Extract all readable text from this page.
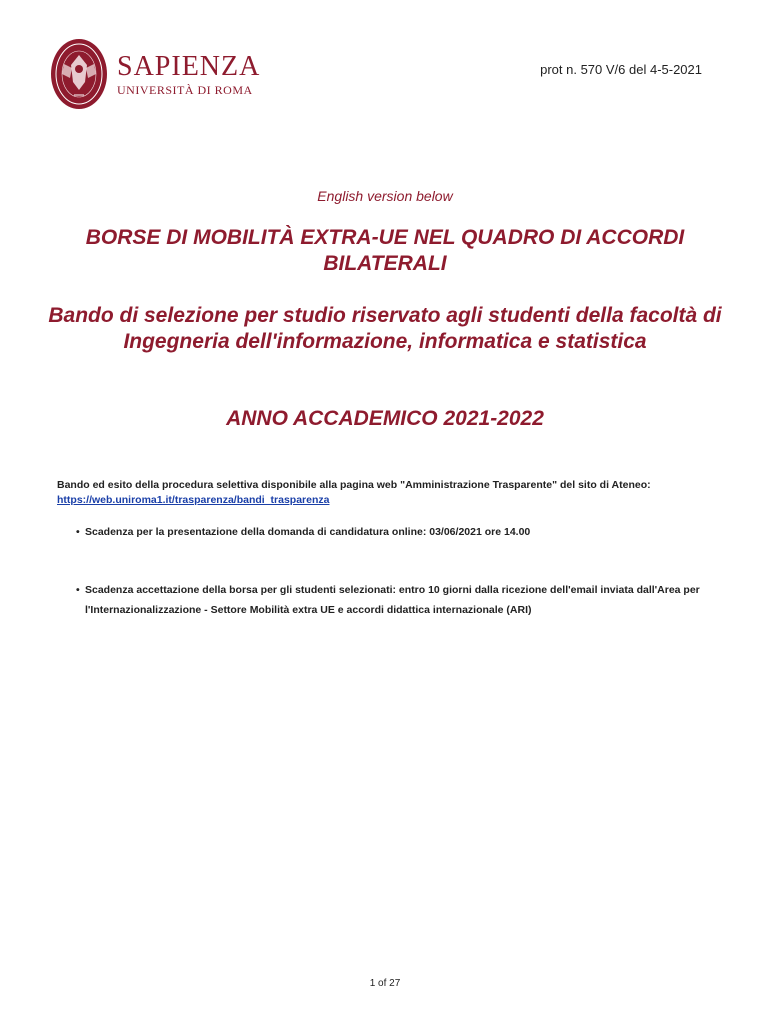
SAPIENZA
UNIVERSITÀ DI ROMA
prot n. 570 V/6 del 4-5-2021
English version below
BORSE DI MOBILITÀ EXTRA-UE NEL QUADRO DI ACCORDI BILATERALI
Bando di selezione per studio riservato agli studenti della facoltà di Ingegneria dell'informazione, informatica e statistica
ANNO ACCADEMICO 2021-2022

Bando ed esito della procedura selettiva disponibile alla pagina web "Amministrazione Trasparente" del sito di Ateneo: https://web.uniroma1.it/trasparenza/bandi_trasparenza

• Scadenza per la presentazione della domanda di candidatura online: 03/06/2021 ore 14.00
• Scadenza accettazione della borsa per gli studenti selezionati: entro 10 giorni dalla ricezione dell'email inviata dall'Area per l'Internazionalizzazione - Settore Mobilità extra UE e accordi didattica internazionale (ARI)
1 of 27
